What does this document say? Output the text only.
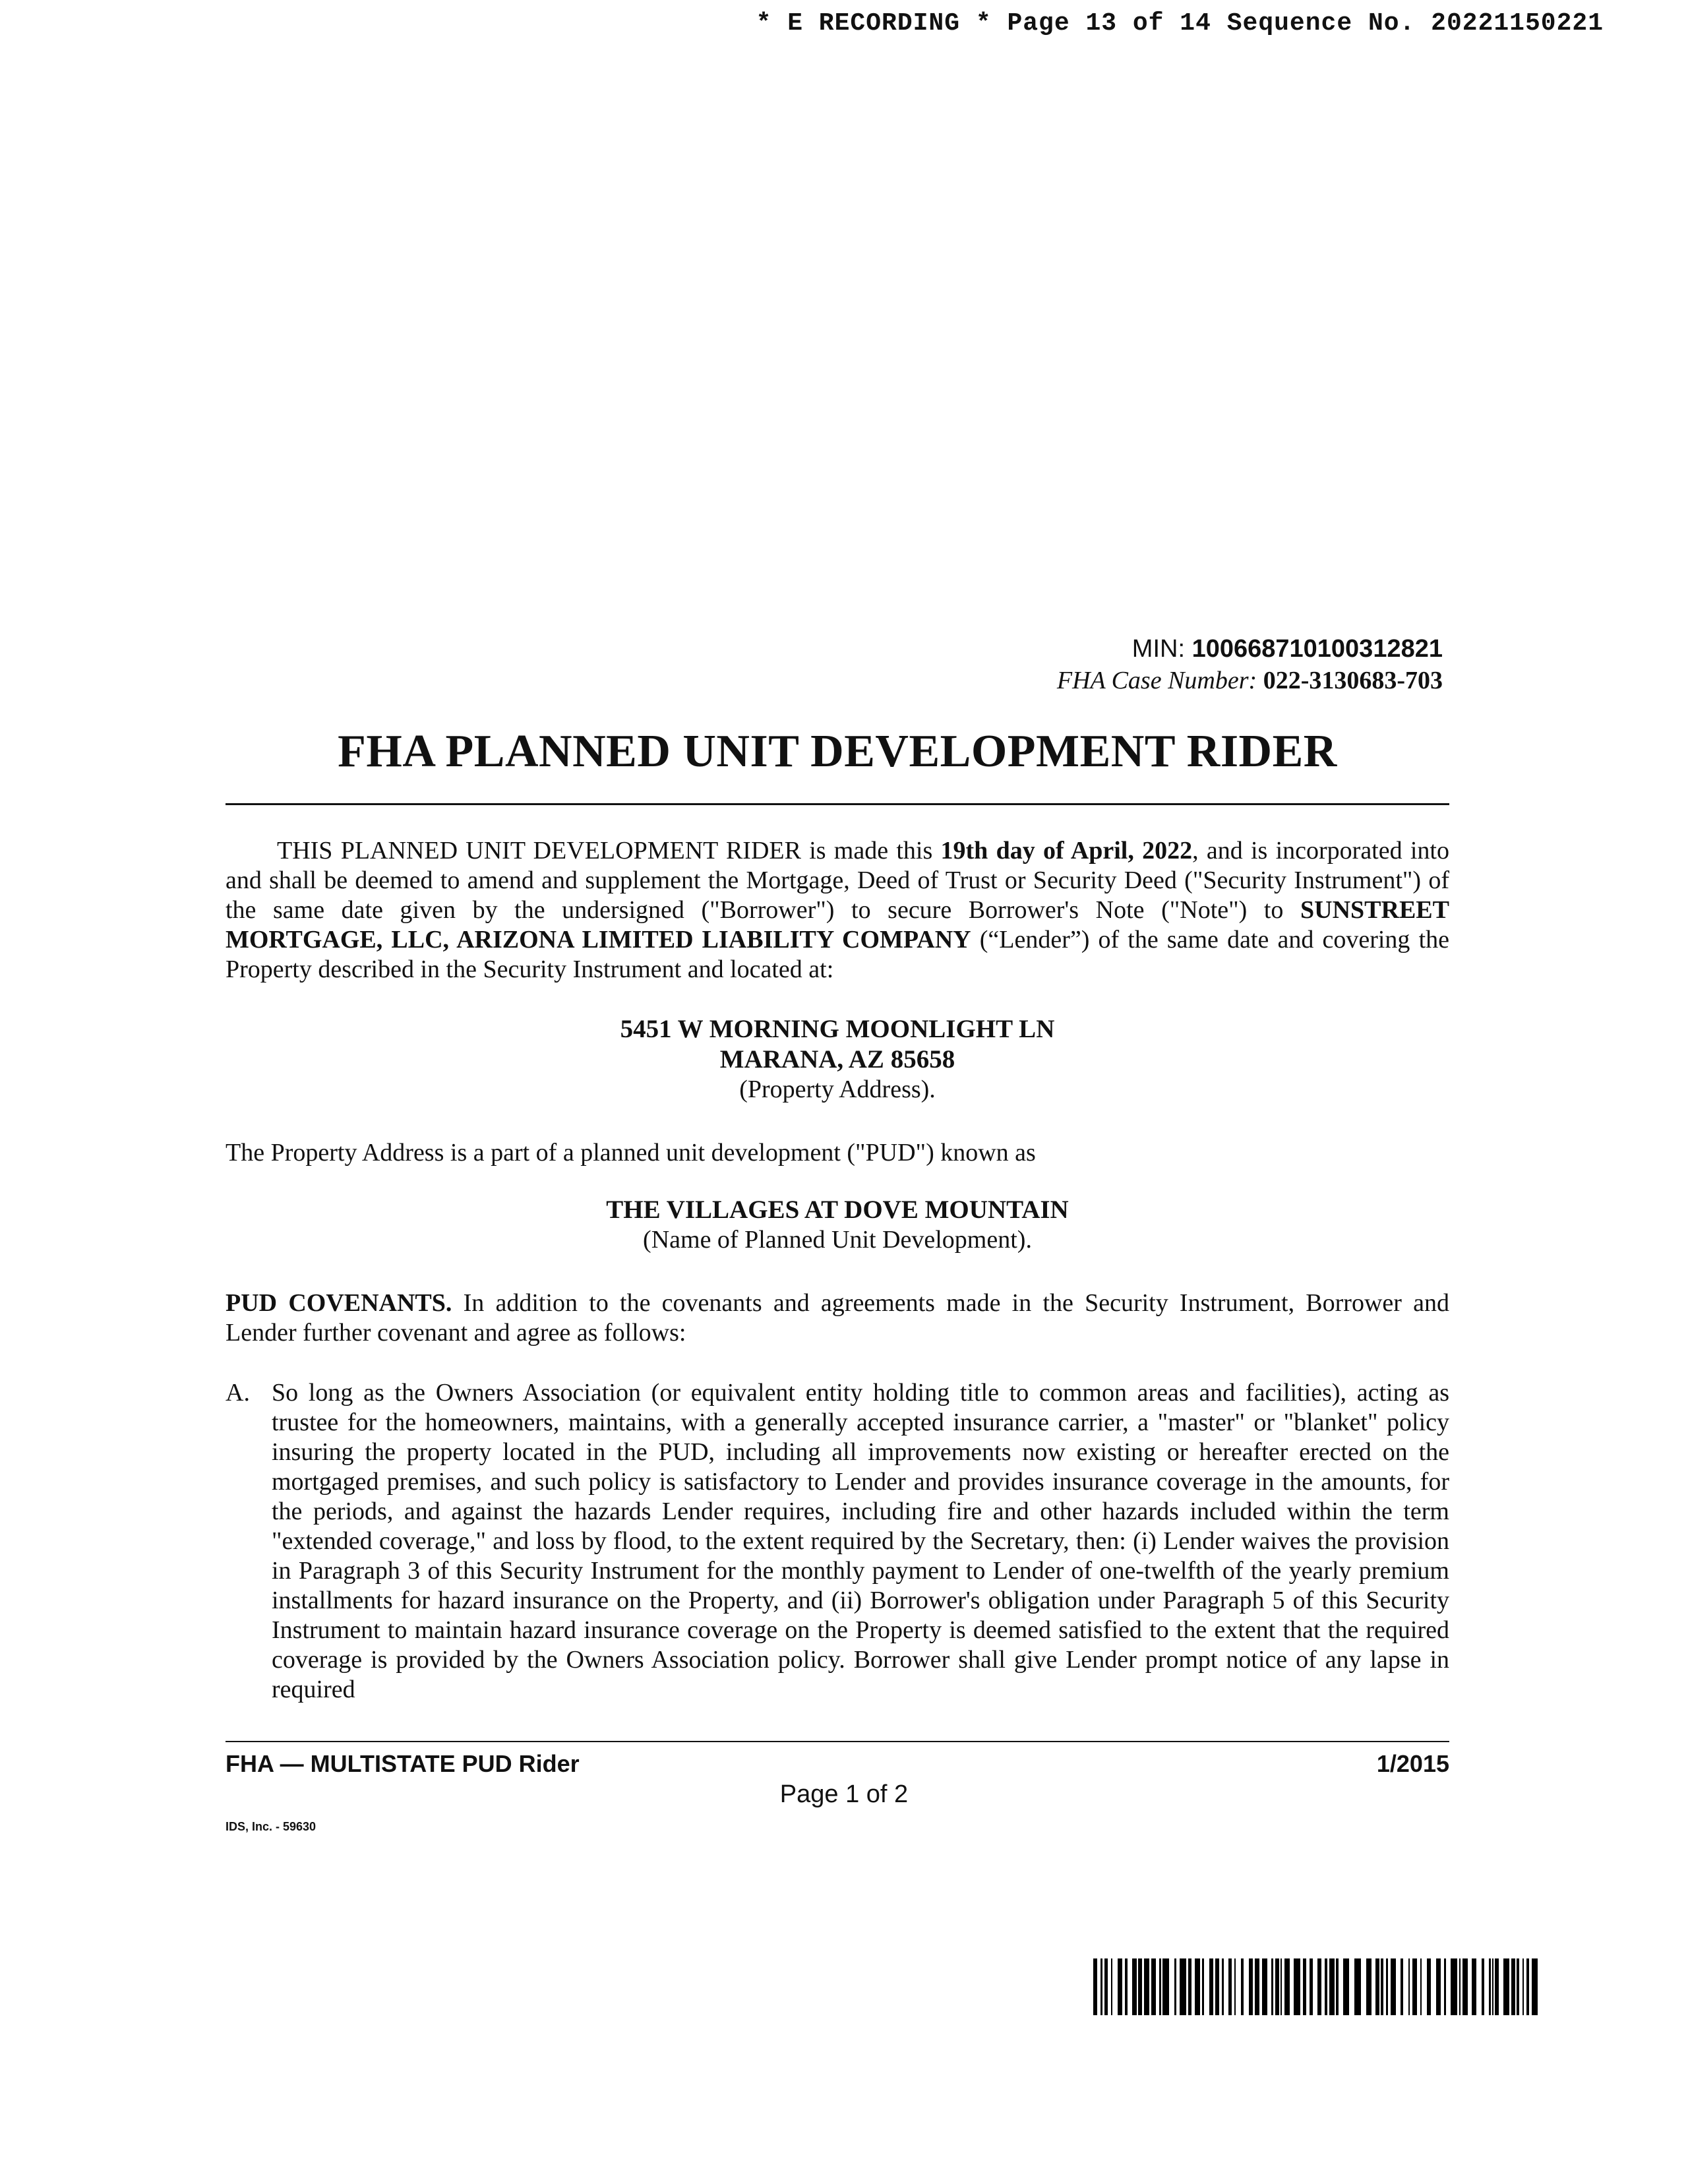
* E RECORDING * Page 13 of 14 Sequence No. 20221150221
MIN: 100668710100312821
FHA Case Number: 022-3130683-703
FHA PLANNED UNIT DEVELOPMENT RIDER
THIS PLANNED UNIT DEVELOPMENT RIDER is made this 19th day of April, 2022, and is incorporated into and shall be deemed to amend and supplement the Mortgage, Deed of Trust or Security Deed ("Security Instrument") of the same date given by the undersigned ("Borrower") to secure Borrower's Note ("Note") to SUNSTREET MORTGAGE, LLC, ARIZONA LIMITED LIABILITY COMPANY (“Lender”) of the same date and covering the Property described in the Security Instrument and located at:
5451 W MORNING MOONLIGHT LN
MARANA, AZ 85658
(Property Address).
The Property Address is a part of a planned unit development ("PUD") known as
THE VILLAGES AT DOVE MOUNTAIN
(Name of Planned Unit Development).
PUD COVENANTS. In addition to the covenants and agreements made in the Security Instrument, Borrower and Lender further covenant and agree as follows:
A. So long as the Owners Association (or equivalent entity holding title to common areas and facilities), acting as trustee for the homeowners, maintains, with a generally accepted insurance carrier, a "master" or "blanket" policy insuring the property located in the PUD, including all improvements now existing or hereafter erected on the mortgaged premises, and such policy is satisfactory to Lender and provides insurance coverage in the amounts, for the periods, and against the hazards Lender requires, including fire and other hazards included within the term "extended coverage," and loss by flood, to the extent required by the Secretary, then: (i) Lender waives the provision in Paragraph 3 of this Security Instrument for the monthly payment to Lender of one-twelfth of the yearly premium installments for hazard insurance on the Property, and (ii) Borrower's obligation under Paragraph 5 of this Security Instrument to maintain hazard insurance coverage on the Property is deemed satisfied to the extent that the required coverage is provided by the Owners Association policy. Borrower shall give Lender prompt notice of any lapse in required
FHA — MULTISTATE PUD Rider	1/2015
Page 1 of 2
IDS, Inc. - 59630
